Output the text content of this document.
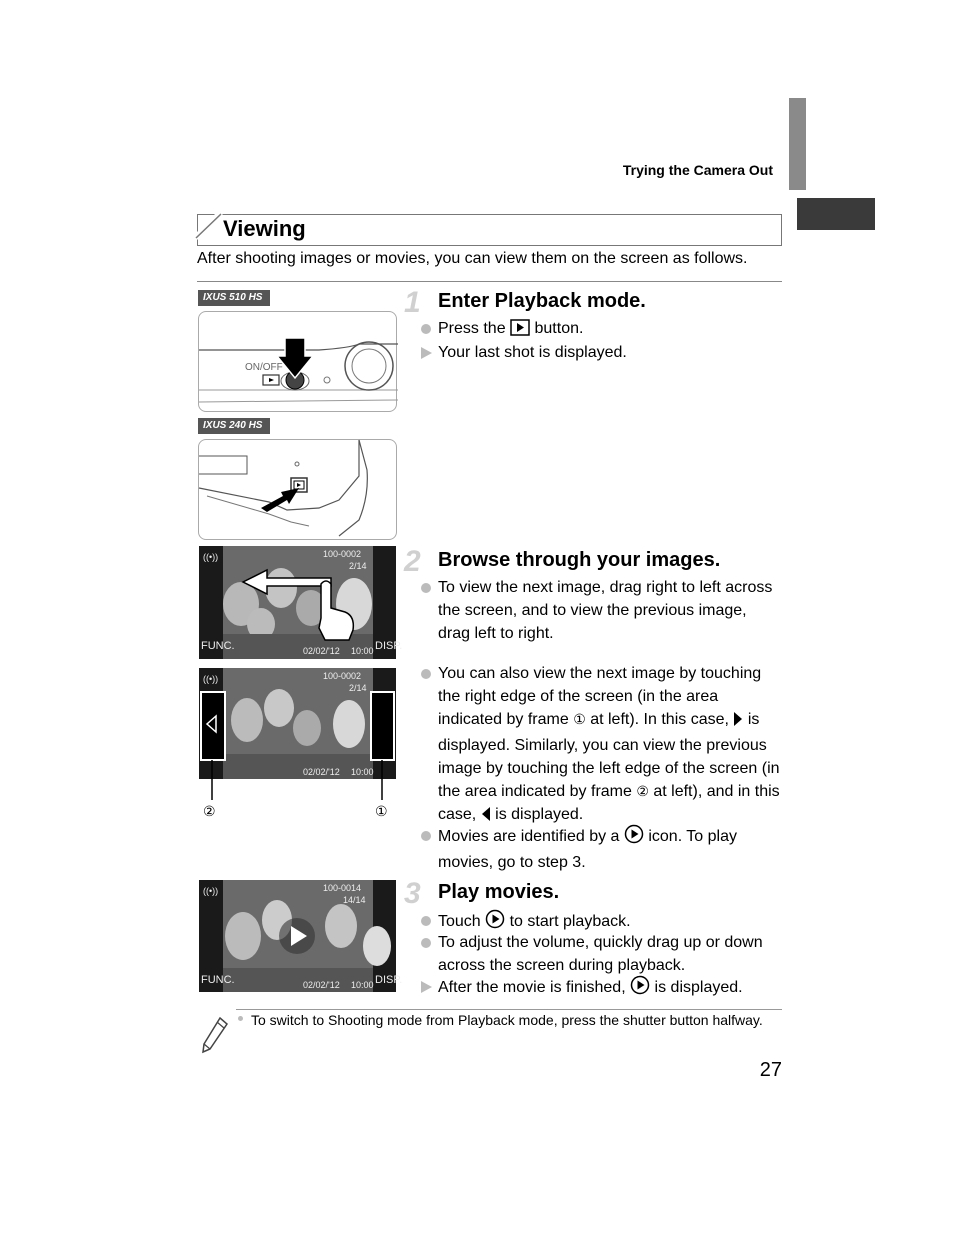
Trying the Camera Out
Viewing
After shooting images or movies, you can view them on the screen as follows.
IXUS 510 HS
ON/OFF
IXUS 240 HS
1 Enter Playback mode.
Press the button.
Your last shot is displayed.
((•))	100-0002
2/14
FUNC.	DISP.
02/02/'12 10:00
2 Browse through your images.
To view the next image, drag right to left across the screen, and to view the previous image, drag left to right.
((•))	100-0002
2/14
02/02/'12 10:00
②	①
You can also view the next image by touching the right edge of the screen (in the area indicated by frame ① at left). In this case, is displayed. Similarly, you can view the previous image by touching the left edge of the screen (in the area indicated by frame ② at left), and in this case, is displayed.
Movies are identified by a icon. To play movies, go to step 3.
((•))	100-0014
14/14
FUNC.	DISP.
02/02/'12 10:00
3 Play movies.
Touch to start playback.
To adjust the volume, quickly drag up or down across the screen during playback.
After the movie is finished, is displayed.
To switch to Shooting mode from Playback mode, press the shutter button halfway.
27
